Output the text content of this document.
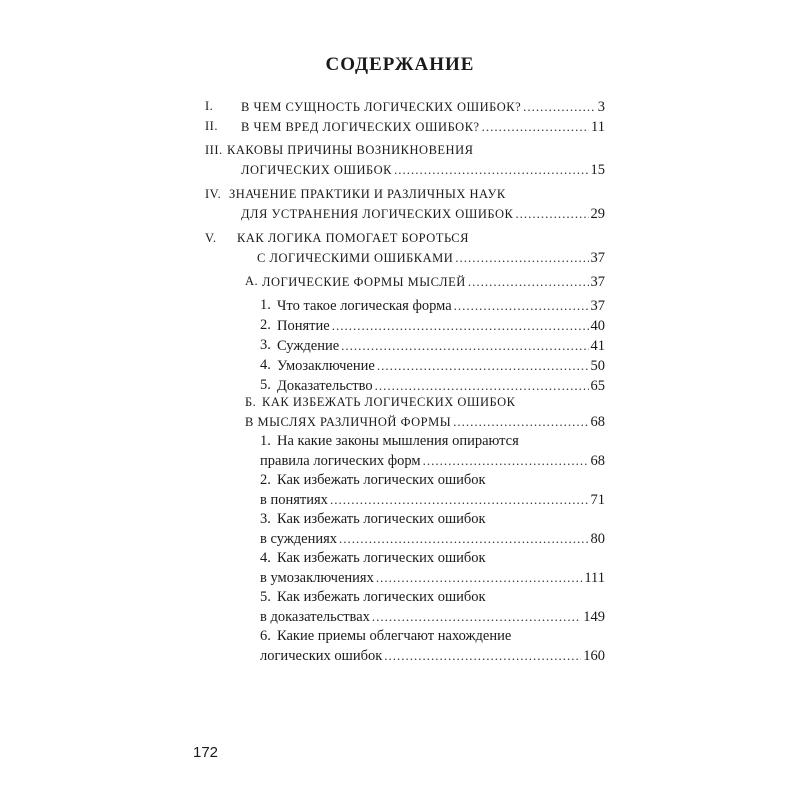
СОДЕРЖАНИЕ
I. В ЧЕМ СУЩНОСТЬ ЛОГИЧЕСКИХ ОШИБОК? .....	3
II. В ЧЕМ ВРЕД ЛОГИЧЕСКИХ ОШИБОК? .....	11
III. КАКОВЫ ПРИЧИНЫ ВОЗНИКНОВЕНИЯ
ЛОГИЧЕСКИХ ОШИБОК .....	15
IV. ЗНАЧЕНИЕ ПРАКТИКИ И РАЗЛИЧНЫХ НАУК
ДЛЯ УСТРАНЕНИЯ ЛОГИЧЕСКИХ ОШИБОК .....	29
V. КАК ЛОГИКА ПОМОГАЕТ БОРОТЬСЯ
С ЛОГИЧЕСКИМИ ОШИБКАМИ .....	37
А. ЛОГИЧЕСКИЕ ФОРМЫ МЫСЛЕЙ .....	37
1. Что такое логическая форма .....	37
2. Понятие .....	40
3. Суждение .....	41
4. Умозаключение .....	50
5. Доказательство .....	65
Б. КАК ИЗБЕЖАТЬ ЛОГИЧЕСКИХ ОШИБОК
В МЫСЛЯХ РАЗЛИЧНОЙ ФОРМЫ .....	68
1. На какие законы мышления опираются
правила логических форм .....	68
2. Как избежать логических ошибок
в понятиях .....	71
3. Как избежать логических ошибок
в суждениях .....	80
4. Как избежать логических ошибок
в умозаключениях .....	111
5. Как избежать логических ошибок
в доказательствах .....	149
6. Какие приемы облегчают нахождение
логических ошибок .....	160
172
